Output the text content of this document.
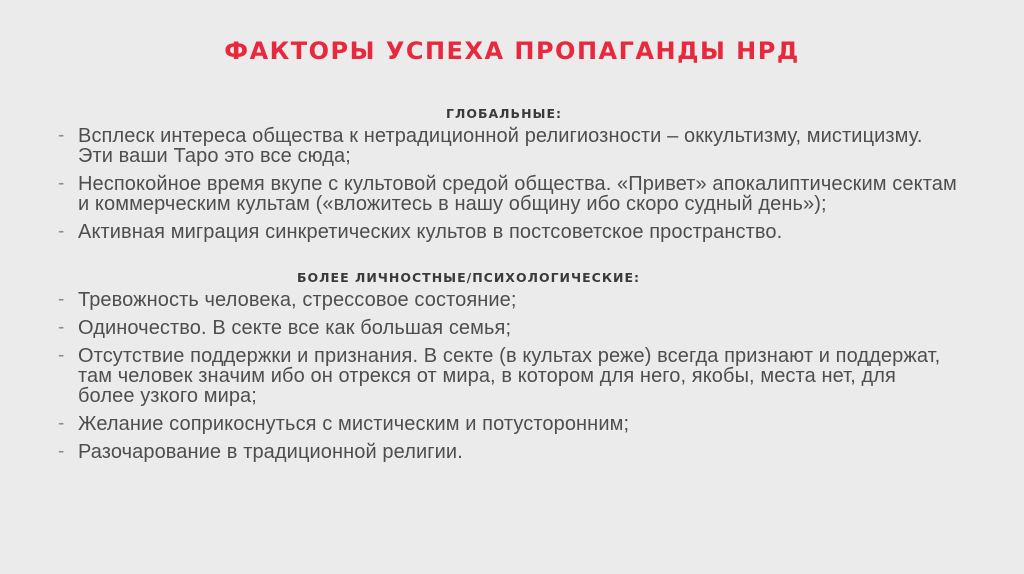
ФАКТОРЫ УСПЕХА ПРОПАГАНДЫ НРД
ГЛОБАЛЬНЫЕ:
- Всплеск интереса общества к нетрадиционной религиозности – оккультизму, мистицизму. Эти ваши Таро это все сюда;
- Неспокойное время вкупе с культовой средой общества. «Привет» апокалиптическим сектам и коммерческим культам («вложитесь в нашу общину ибо скоро судный день»);
- Активная миграция синкретических культов в постсоветское пространство.
БОЛЕЕ ЛИЧНОСТНЫЕ/ПСИХОЛОГИЧЕСКИЕ:
- Тревожность человека, стрессовое состояние;
- Одиночество. В секте все как большая семья;
- Отсутствие поддержки и признания. В секте (в культах реже) всегда признают и поддержат, там человек значим ибо он отрекся от мира, в котором для него, якобы, места нет, для более узкого мира;
- Желание соприкоснуться с мистическим и потусторонним;
- Разочарование в традиционной религии.
